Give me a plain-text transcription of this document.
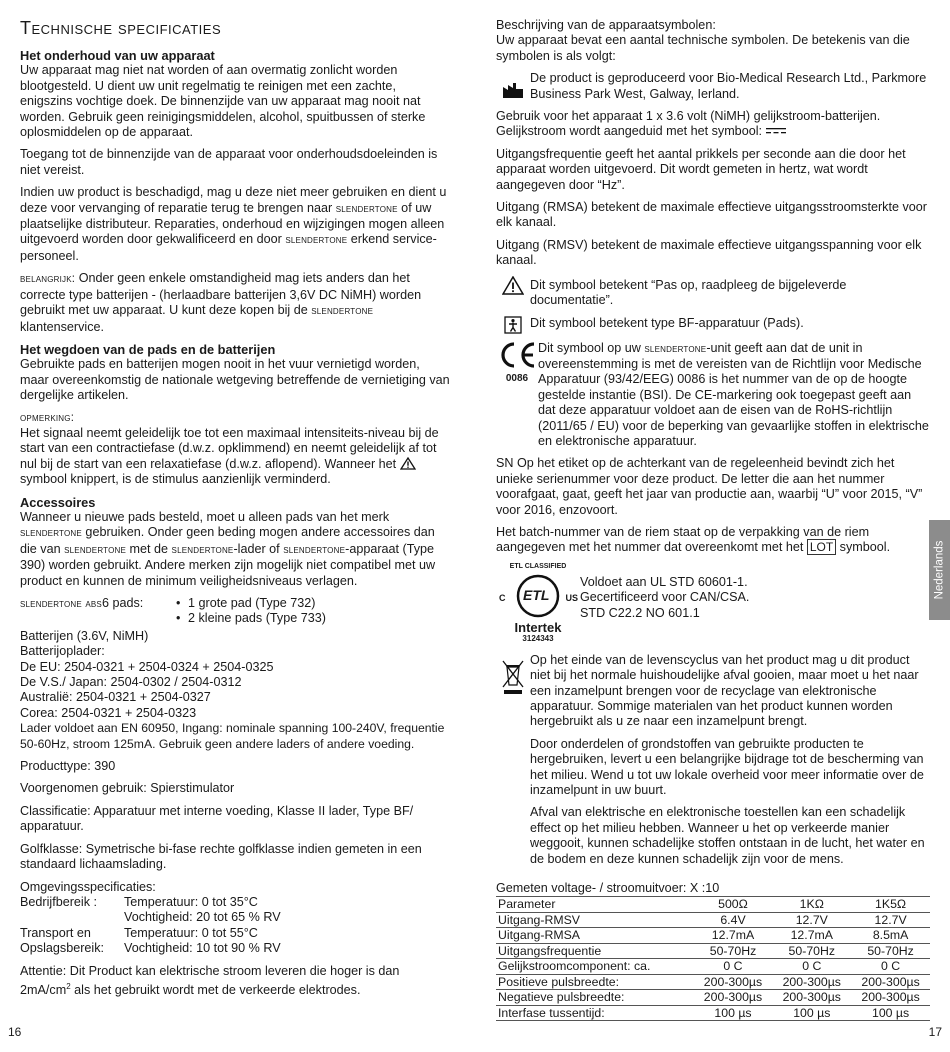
Technische specificaties

Het onderhoud van uw apparaat

Uw apparaat mag niet nat worden of aan overmatig zonlicht worden blootgesteld. U dient uw unit regelmatig te reinigen met een zachte, enigszins vochtige doek. De binnenzijde van uw apparaat mag nooit nat worden. Gebruik geen reinigingsmiddelen, alcohol, spuitbussen of sterke oplosmiddelen op de apparaat.

Toegang tot de binnenzijde van de apparaat voor onderhoudsdoeleinden is niet vereist.

Indien uw product is beschadigd, mag u deze niet meer gebruiken en dient u deze voor vervanging of reparatie terug te brengen naar slendertone of uw plaatselijke distributeur. Reparaties, onderhoud en wijzigingen mogen alleen uitgevoerd worden door gekwalificeerd en door slendertone erkend service-personeel.

belangrijk: Onder geen enkele omstandigheid mag iets anders dan het correcte type batterijen - (herlaadbare batterijen 3,6V DC NiMH) worden gebruikt met uw apparaat. U kunt deze kopen bij de slendertone klantenservice.

Het wegdoen van de pads en de batterijen

Gebruikte pads en batterijen mogen nooit in het vuur vernietigd worden, maar overeenkomstig de nationale wetgeving betreffende de vernietiging van dergelijke artikelen.

opmerking:

Het signaal neemt geleidelijk toe tot een maximaal intensiteits-niveau bij de start van een contractiefase (d.w.z. opklimmend) en neemt geleidelijk af tot nul bij de start van een relaxatiefase (d.w.z. aflopend). Wanneer het  symbool knippert, is de stimulus aanzienlijk verminderd.

Accessoires

Wanneer u nieuwe pads besteld, moet u alleen pads van het merk slendertone gebruiken. Onder geen beding mogen andere accessoires dan die van slendertone met de slendertone-lader of slendertone-apparaat (Type 390) worden gebruikt. Andere merken zijn mogelijk niet compatibel met uw product en kunnen de minimum veiligheidsniveaus verlagen.

slendertone abs6 pads:	• 1 grote pad (Type 732)
• 2 kleine pads (Type 733)
Batterijen (3.6V, NiMH)
Batterijoplader:
De EU: 2504-0321 + 2504-0324 + 2504-0325
De V.S./ Japan: 2504-0302 / 2504-0312
Australië: 2504-0321 + 2504-0327
Corea: 2504-0321 + 2504-0323

Lader voldoet aan EN 60950, Ingang: nominale spanning 100-240V, frequentie 50-60Hz, stroom 125mA. Gebruik geen andere laders of andere voeding.

Producttype: 390

Voorgenomen gebruik: Spierstimulator

Classificatie: Apparatuur met interne voeding, Klasse II lader, Type BF/ apparatuur.

Golfklasse: Symetrische bi-fase rechte golfklasse indien gemeten in een standaard lichaamslading.

Omgevingsspecificaties:
Bedrijfbereik :	Temperatuur: 0 tot 35°C
Vochtigheid: 20 tot 65 % RV
Transport en
Opslagsbereik:
Temperatuur: 0 tot 55°C
Vochtigheid: 10 tot 90 % RV

Attentie: Dit Product kan elektrische stroom leveren die hoger is dan $2mA/cm^2$ als het gebruikt wordt met de verkeerde elektrodes.

16
Beschrijving van de apparaatsymbolen:

Uw apparaat bevat een aantal technische symbolen. De betekenis van die symbolen is als volgt:

De product is geproduceerd voor Bio-Medical Research Ltd., Parkmore Business Park West, Galway, Ierland.

Gebruik voor het apparaat 1 x 3.6 volt (NiMH) gelijkstroom-batterijen. Gelijkstroom wordt aangeduid met het symbool:

Uitgangsfrequentie geeft het aantal prikkels per seconde aan die door het apparaat worden uitgevoerd. Dit wordt gemeten in hertz, wat wordt aangegeven door “Hz”.

Uitgang (RMSA) betekent de maximale effectieve uitgangsstroomsterkte voor elk kanaal.

Uitgang (RMSV) betekent de maximale effectieve uitgangsspanning voor elk kanaal.

Dit symbool betekent “Pas op, raadpleeg de bijgeleverde documentatie”.
Dit symbool betekent type BF-apparatuur (Pads).
0086
Dit symbool op uw slendertone-unit geeft aan dat de unit in overeenstemming is met de vereisten van de Richtlijn voor Medische Apparatuur (93/42/EEG) 0086 is het nummer van de op de hoogte gestelde instantie (BSI). De CE-markering ook toegepast geeft aan dat deze apparatuur voldoet aan de eisen van de RoHS-richtlijn (2011/65 / EU) voor de beperking van gevaarlijke stoffen in elektrische en elektronische apparatuur.

SN Op het etiket op de achterkant van de regeleenheid bevindt zich het unieke serienummer voor deze product. De letter die aan het nummer voorafgaat, gaat, geeft het jaar van productie aan, waarbij “U” voor 2015, “V” voor 2016, enzovoort.

Het batch-nummer van de riem staat op de verpakking van de riem aangegeven met het nummer dat overeenkomt met het LOT symbool.

ETL CLASSIFIED
ETL
C	US
Intertek
3124343
Voldoet aan UL STD 60601-1.
Gecertificeerd voor CAN/CSA.
STD C22.2 NO 601.1

Op het einde van de levenscyclus van het product mag u dit product niet bij het normale huishoudelijke afval gooien, maar moet u het naar een inzamelpunt brengen voor de recyclage van elektronische apparatuur. Sommige materialen van het product kunnen worden hergebruikt als u ze naar een inzamelpunt brengt.

Door onderdelen of grondstoffen van gebruikte producten te hergebruiken, levert u een belangrijke bijdrage tot de bescherming van het milieu. Wend u tot uw lokale overheid voor meer informatie over de inzamelpunt in uw buurt.

Afval van elektrische en elektronische toestellen kan een schadelijk effect op het milieu hebben. Wanneer u het op verkeerde manier weggooit, kunnen schadelijke stoffen ontstaan in de lucht, het water en de bodem en deze kunnen schadelijk zijn voor de mens.

Gemeten voltage- / stroomuitvoer: X :10
Parameter	500Ω	1KΩ	1K5Ω
Uitgang-RMSV	6.4V	12.7V	12.7V
Uitgang-RMSA	12.7mA	12.7mA	8.5mA
Uitgangsfrequentie	50-70Hz	50-70Hz	50-70Hz
Gelijkstroomcomponent: ca.	0 C	0 C	0 C
Positieve pulsbreedte:	200-300µs	200-300µs	200-300µs
Negatieve pulsbreedte:	200-300µs	200-300µs	200-300µs
Interfase tussentijd:	100 µs	100 µs	100 µs
17
Nederlands
